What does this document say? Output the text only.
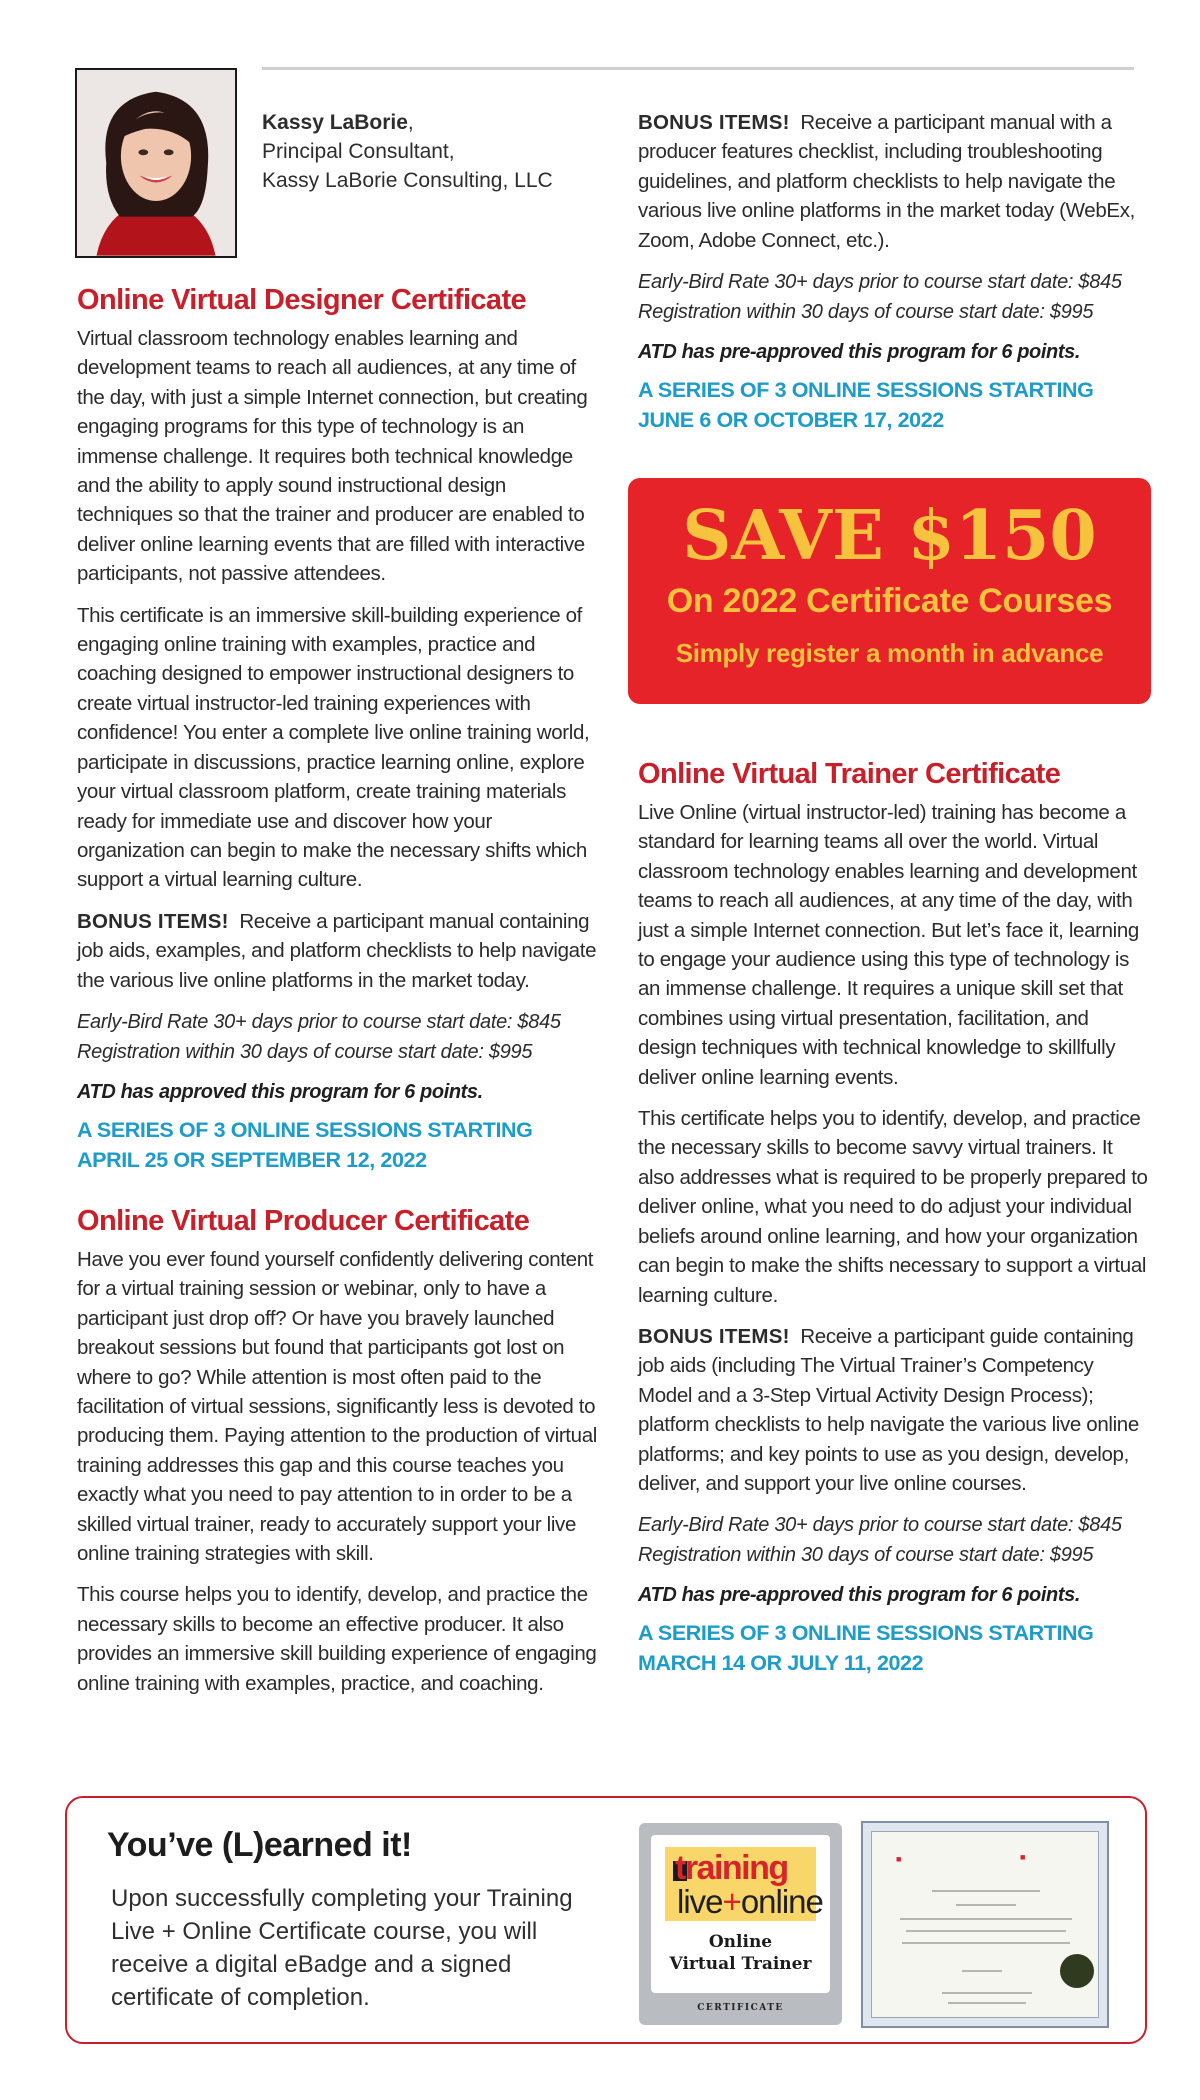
Kassy LaBorie,
Principal Consultant,
Kassy LaBorie Consulting, LLC
Online Virtual Designer Certificate

Virtual classroom technology enables learning and development teams to reach all audiences, at any time of the day, with just a simple Internet connection, but creating engaging programs for this type of technology is an immense challenge. It requires both technical knowledge and the ability to apply sound instructional design techniques so that the trainer and producer are enabled to deliver online learning events that are filled with interactive participants, not passive attendees.

This certificate is an immersive skill-building experience of engaging online training with examples, practice and coaching designed to empower instructional designers to create virtual instructor-led training experiences with confidence! You enter a complete live online training world, participate in discussions, practice learning online, explore your virtual classroom platform, create training materials ready for immediate use and discover how your organization can begin to make the necessary shifts which support a virtual learning culture.

BONUS ITEMS! Receive a participant manual containing job aids, examples, and platform checklists to help navigate the various live online platforms in the market today.

Early-Bird Rate 30+ days prior to course start date: $845
Registration within 30 days of course start date: $995

ATD has approved this program for 6 points.

A SERIES OF 3 ONLINE SESSIONS STARTING
APRIL 25 OR SEPTEMBER 12, 2022

Online Virtual Producer Certificate

Have you ever found yourself confidently delivering content for a virtual training session or webinar, only to have a participant just drop off? Or have you bravely launched breakout sessions but found that participants got lost on where to go? While attention is most often paid to the facilitation of virtual sessions, significantly less is devoted to producing them. Paying attention to the production of virtual training addresses this gap and this course teaches you exactly what you need to pay attention to in order to be a skilled virtual trainer, ready to accurately support your live online training strategies with skill.

This course helps you to identify, develop, and practice the necessary skills to become an effective producer. It also provides an immersive skill building experience of engaging online training with examples, practice, and coaching.

BONUS ITEMS! Receive a participant manual with a producer features checklist, including troubleshooting guidelines, and platform checklists to help navigate the various live online platforms in the market today (WebEx, Zoom, Adobe Connect, etc.).

Early-Bird Rate 30+ days prior to course start date: $845
Registration within 30 days of course start date: $995

ATD has pre-approved this program for 6 points.

A SERIES OF 3 ONLINE SESSIONS STARTING
JUNE 6 OR OCTOBER 17, 2022

SAVE $150
On 2022 Certificate Courses
Simply register a month in advance
Online Virtual Trainer Certificate

Live Online (virtual instructor-led) training has become a standard for learning teams all over the world. Virtual classroom technology enables learning and development teams to reach all audiences, at any time of the day, with just a simple Internet connection. But let’s face it, learning to engage your audience using this type of technology is an immense challenge. It requires a unique skill set that combines using virtual presentation, facilitation, and design techniques with technical knowledge to skillfully deliver online learning events.

This certificate helps you to identify, develop, and practice the necessary skills to become savvy virtual trainers. It also addresses what is required to be properly prepared to deliver online, what you need to do adjust your individual beliefs around online learning, and how your organization can begin to make the shifts necessary to support a virtual learning culture.

BONUS ITEMS! Receive a participant guide containing job aids (including The Virtual Trainer’s Competency Model and a 3-Step Virtual Activity Design Process); platform checklists to help navigate the various live online platforms; and key points to use as you design, develop, deliver, and support your live online courses.

Early-Bird Rate 30+ days prior to course start date: $845
Registration within 30 days of course start date: $995

ATD has pre-approved this program for 6 points.

A SERIES OF 3 ONLINE SESSIONS STARTING
MARCH 14 OR JULY 11, 2022

You’ve (L)earned it!
Upon successfully completing your Training Live + Online Certificate course, you will receive a digital eBadge and a signed certificate of completion.
training
live+online
Online
Virtual Trainer
CERTIFICATE
■	■
